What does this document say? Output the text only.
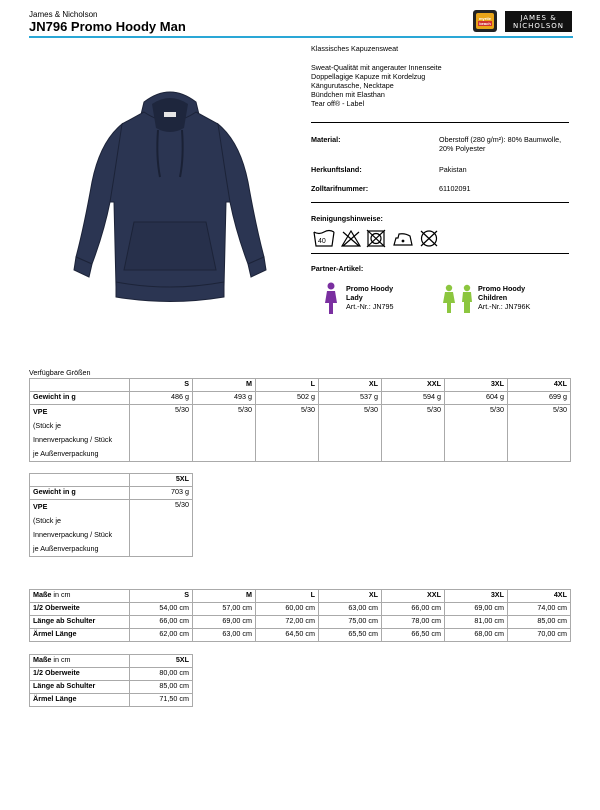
James & Nicholson
JN796 Promo Hoody Man
myrtle
beach
JAMES &
NICHOLSON
Klassisches Kapuzensweat
Sweat-Qualität mit angerauter Innenseite
Doppellagige Kapuze mit Kordelzug
Kängurutasche, Necktape
Bündchen mit Elasthan
Tear off® - Label
Material:	Oberstoff (280 g/m²): 80% Baumwolle, 20% Polyester
Herkunftsland:	Pakistan
Zolltarifnummer:	61102091
Reinigungshinweise:
40
Partner-Artikel:
Promo Hoody
Lady
Art.-Nr.: JN795
Promo Hoody
Children
Art.-Nr.: JN796K
Verfügbare Größen
	S	M	L	XL	XXL	3XL	4XL
Gewicht in g	486 g	493 g	502 g	537 g	594 g	604 g	699 g

VPE
(Stück je
Innenverpackung / Stück
je Außenverpackung	5/30	5/30	5/30	5/30	5/30	5/30	5/30
	5XL
Gewicht in g	703 g

VPE
(Stück je
Innenverpackung / Stück
je Außenverpackung	5/30
Maße in cm	S	M	L	XL	XXL	3XL	4XL
1/2 Oberweite	54,00 cm	57,00 cm	60,00 cm	63,00 cm	66,00 cm	69,00 cm	74,00 cm
Länge ab Schulter	66,00 cm	69,00 cm	72,00 cm	75,00 cm	78,00 cm	81,00 cm	85,00 cm
Ärmel Länge	62,00 cm	63,00 cm	64,50 cm	65,50 cm	66,50 cm	68,00 cm	70,00 cm
Maße in cm	5XL
1/2 Oberweite	80,00 cm
Länge ab Schulter	85,00 cm
Ärmel Länge	71,50 cm
